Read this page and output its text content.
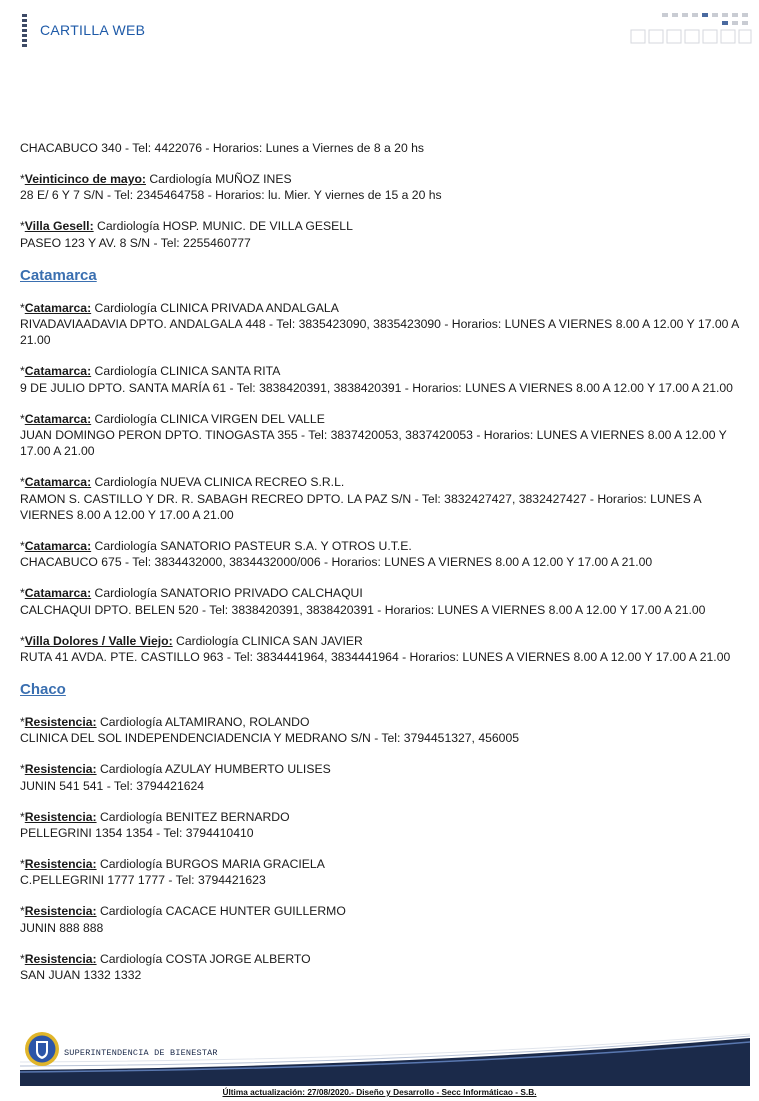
CARTILLA WEB
CHACABUCO 340 - Tel: 4422076 - Horarios: Lunes a Viernes de 8 a 20 hs
*Veinticinco de mayo: Cardiología MUÑOZ INES
28 E/ 6 Y 7 S/N - Tel: 2345464758 - Horarios: lu. Mier. Y viernes de 15 a 20 hs
*Villa Gesell: Cardiología HOSP. MUNIC. DE VILLA GESELL
PASEO 123 Y AV. 8 S/N - Tel: 2255460777
Catamarca
*Catamarca: Cardiología CLINICA PRIVADA ANDALGALA
RIVADAVIAADAVIA DPTO. ANDALGALA 448 - Tel: 3835423090, 3835423090 - Horarios: LUNES A VIERNES 8.00 A 12.00 Y 17.00 A 21.00
*Catamarca: Cardiología CLINICA SANTA RITA
9 DE JULIO DPTO. SANTA MARÍA 61 - Tel: 3838420391, 3838420391 - Horarios: LUNES A VIERNES 8.00 A 12.00 Y 17.00 A 21.00
*Catamarca: Cardiología CLINICA VIRGEN DEL VALLE
JUAN DOMINGO PERON DPTO. TINOGASTA 355 - Tel: 3837420053, 3837420053 - Horarios: LUNES A VIERNES 8.00 A 12.00 Y 17.00 A 21.00
*Catamarca: Cardiología NUEVA CLINICA RECREO S.R.L.
RAMON S. CASTILLO Y DR. R. SABAGH RECREO DPTO. LA PAZ S/N - Tel: 3832427427, 3832427427 - Horarios: LUNES A VIERNES 8.00 A 12.00 Y 17.00 A 21.00
*Catamarca: Cardiología SANATORIO PASTEUR S.A. Y OTROS U.T.E.
CHACABUCO 675 - Tel: 3834432000, 3834432000/006 - Horarios: LUNES A VIERNES 8.00 A 12.00 Y 17.00 A 21.00
*Catamarca: Cardiología SANATORIO PRIVADO CALCHAQUI
CALCHAQUI DPTO. BELEN 520 - Tel: 3838420391, 3838420391 - Horarios: LUNES A VIERNES 8.00 A 12.00 Y 17.00 A 21.00
*Villa Dolores / Valle Viejo: Cardiología CLINICA SAN JAVIER
RUTA 41 AVDA. PTE. CASTILLO 963 - Tel: 3834441964, 3834441964 - Horarios: LUNES A VIERNES 8.00 A 12.00 Y 17.00 A 21.00
Chaco
*Resistencia: Cardiología ALTAMIRANO, ROLANDO
CLINICA DEL SOL INDEPENDENCIADENCIA Y MEDRANO S/N - Tel: 3794451327, 456005
*Resistencia: Cardiología AZULAY HUMBERTO ULISES
JUNIN 541 541 - Tel: 3794421624
*Resistencia: Cardiología BENITEZ BERNARDO
PELLEGRINI 1354 1354 - Tel: 3794410410
*Resistencia: Cardiología BURGOS MARIA GRACIELA
C.PELLEGRINI 1777 1777 - Tel: 3794421623
*Resistencia: Cardiología CACACE HUNTER GUILLERMO
JUNIN 888 888
*Resistencia: Cardiología COSTA JORGE ALBERTO
SAN JUAN 1332 1332
SUPERINTENDENCIA DE BIENESTAR
Última actualización: 27/08/2020.- Diseño y Desarrollo - Secc Informáticao - S.B.
